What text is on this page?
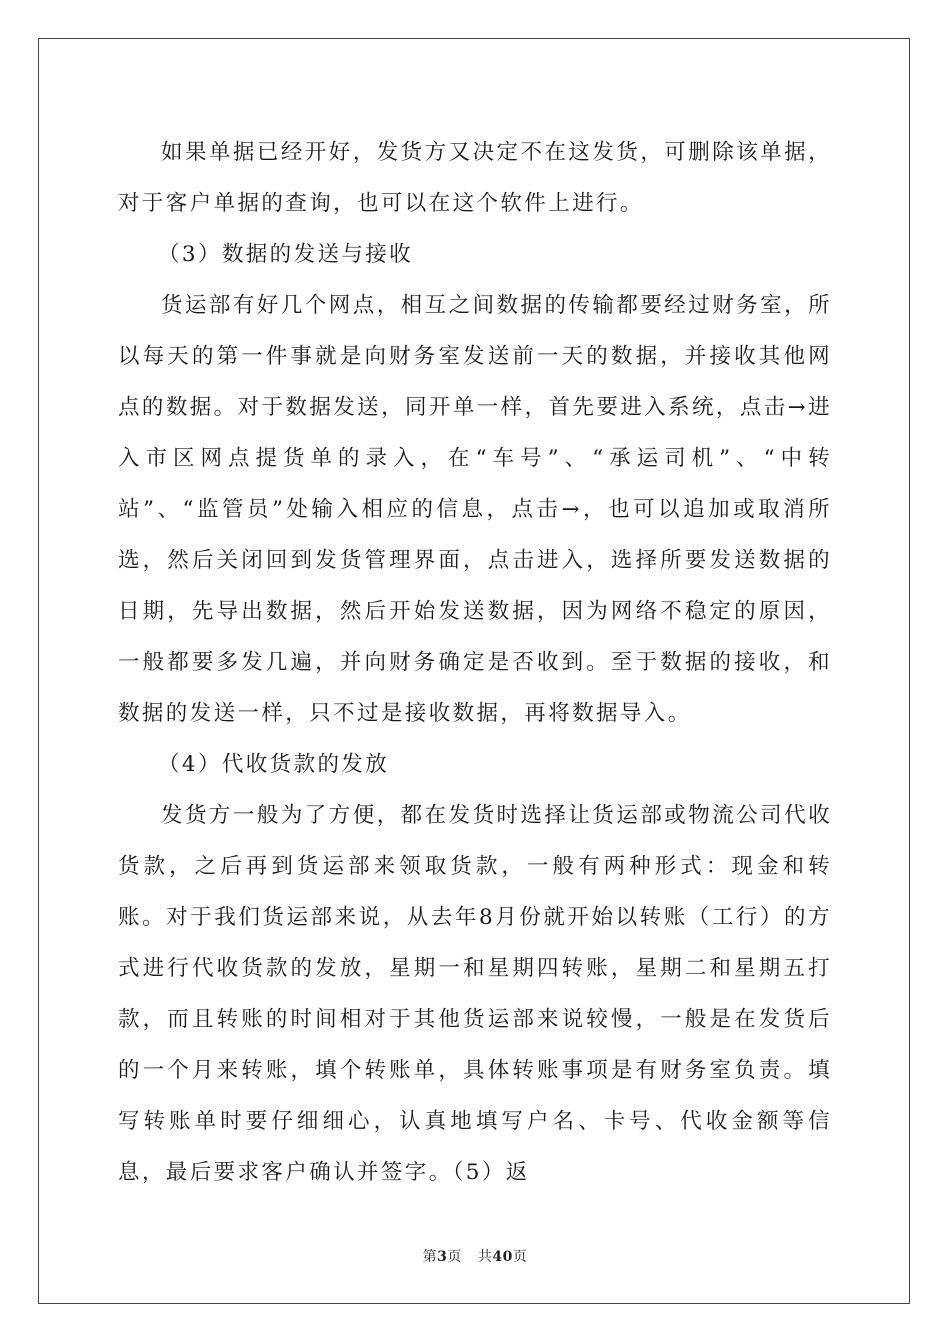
如果单据已经开好，发货方又决定不在这发货，可删除该单据，对于客户单据的查询，也可以在这个软件上进行。

（3）数据的发送与接收

货运部有好几个网点，相互之间数据的传输都要经过财务室，所以每天的第一件事就是向财务室发送前一天的数据，并接收其他网点的数据。对于数据发送，同开单一样，首先要进入系统，点击→进入市区网点提货单的录入，在“车号”、“承运司机”、“中转站”、“监管员”处输入相应的信息，点击→，也可以追加或取消所选，然后关闭回到发货管理界面，点击进入，选择所要发送数据的日期，先导出数据，然后开始发送数据，因为网络不稳定的原因，一般都要多发几遍，并向财务确定是否收到。至于数据的接收，和数据的发送一样，只不过是接收数据，再将数据导入。

（4）代收货款的发放

发货方一般为了方便，都在发货时选择让货运部或物流公司代收货款，之后再到货运部来领取货款，一般有两种形式：现金和转账。对于我们货运部来说，从去年8月份就开始以转账（工行）的方式进行代收货款的发放，星期一和星期四转账，星期二和星期五打款，而且转账的时间相对于其他货运部来说较慢，一般是在发货后的一个月来转账，填个转账单，具体转账事项是有财务室负责。填写转账单时要仔细细心，认真地填写户名、卡号、代收金额等信息，最后要求客户确认并签字。（5）返

第3页 共40页
